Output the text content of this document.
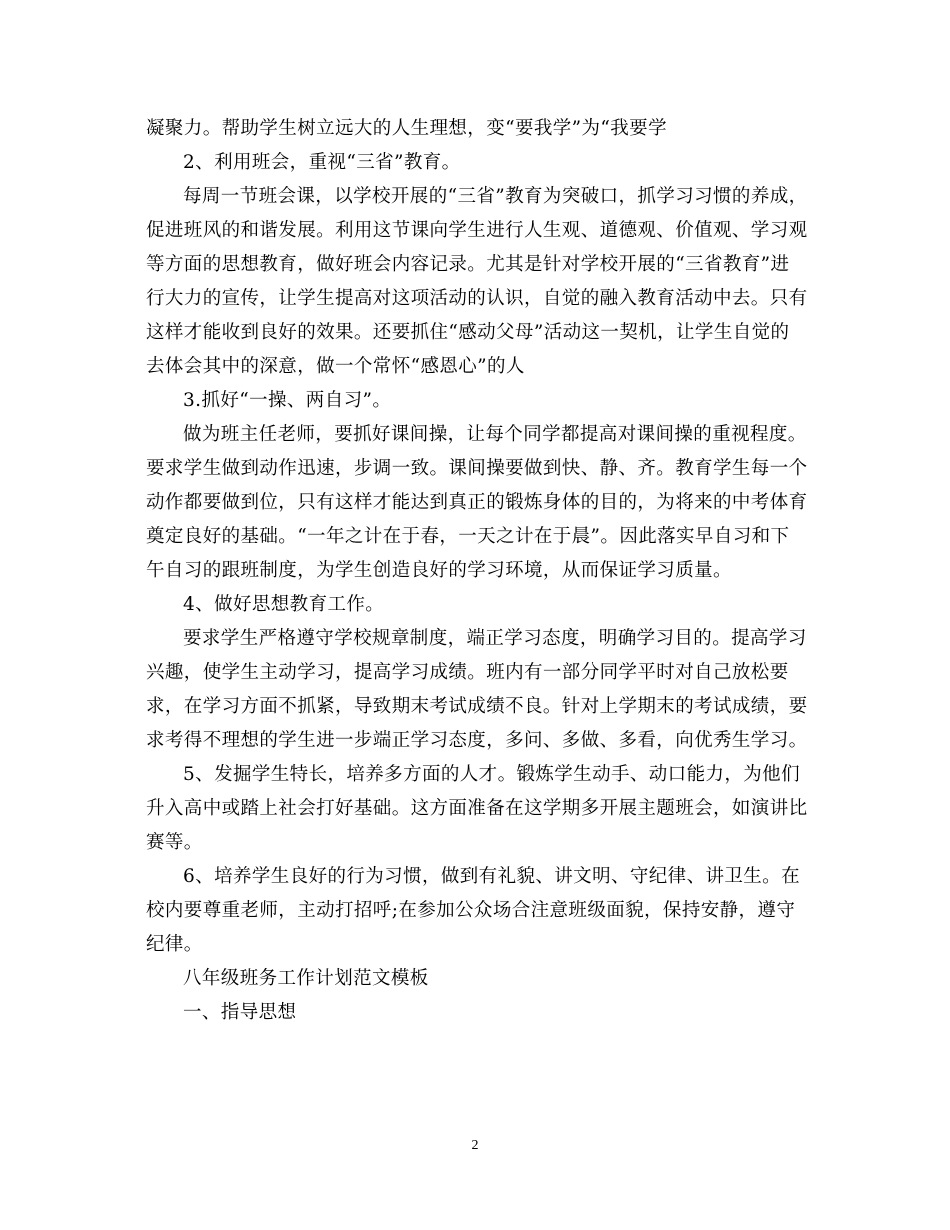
凝聚力。帮助学生树立远大的人生理想，变“要我学”为“我要学

2、利用班会，重视“三省”教育。

每周一节班会课，以学校开展的“三省”教育为突破口，抓学习习惯的养成，促进班风的和谐发展。利用这节课向学生进行人生观、道德观、价值观、学习观等方面的思想教育，做好班会内容记录。尤其是针对学校开展的“三省教育”进行大力的宣传，让学生提高对这项活动的认识，自觉的融入教育活动中去。只有这样才能收到良好的效果。还要抓住“感动父母”活动这一契机，让学生自觉的去体会其中的深意，做一个常怀“感恩心”的人

3.抓好“一操、两自习”。

做为班主任老师，要抓好课间操，让每个同学都提高对课间操的重视程度。要求学生做到动作迅速，步调一致。课间操要做到快、静、齐。教育学生每一个动作都要做到位，只有这样才能达到真正的锻炼身体的目的，为将来的中考体育奠定良好的基础。“一年之计在于春，一天之计在于晨”。因此落实早自习和下午自习的跟班制度，为学生创造良好的学习环境，从而保证学习质量。

4、做好思想教育工作。

要求学生严格遵守学校规章制度，端正学习态度，明确学习目的。提高学习兴趣，使学生主动学习，提高学习成绩。班内有一部分同学平时对自己放松要求，在学习方面不抓紧，导致期末考试成绩不良。针对上学期末的考试成绩，要求考得不理想的学生进一步端正学习态度，多问、多做、多看，向优秀生学习。

5、发掘学生特长，培养多方面的人才。锻炼学生动手、动口能力，为他们升入高中或踏上社会打好基础。这方面准备在这学期多开展主题班会，如演讲比赛等。

6、培养学生良好的行为习惯，做到有礼貌、讲文明、守纪律、讲卫生。在校内要尊重老师，主动打招呼;在参加公众场合注意班级面貌，保持安静，遵守纪律。

八年级班务工作计划范文模板

一、指导思想

2
